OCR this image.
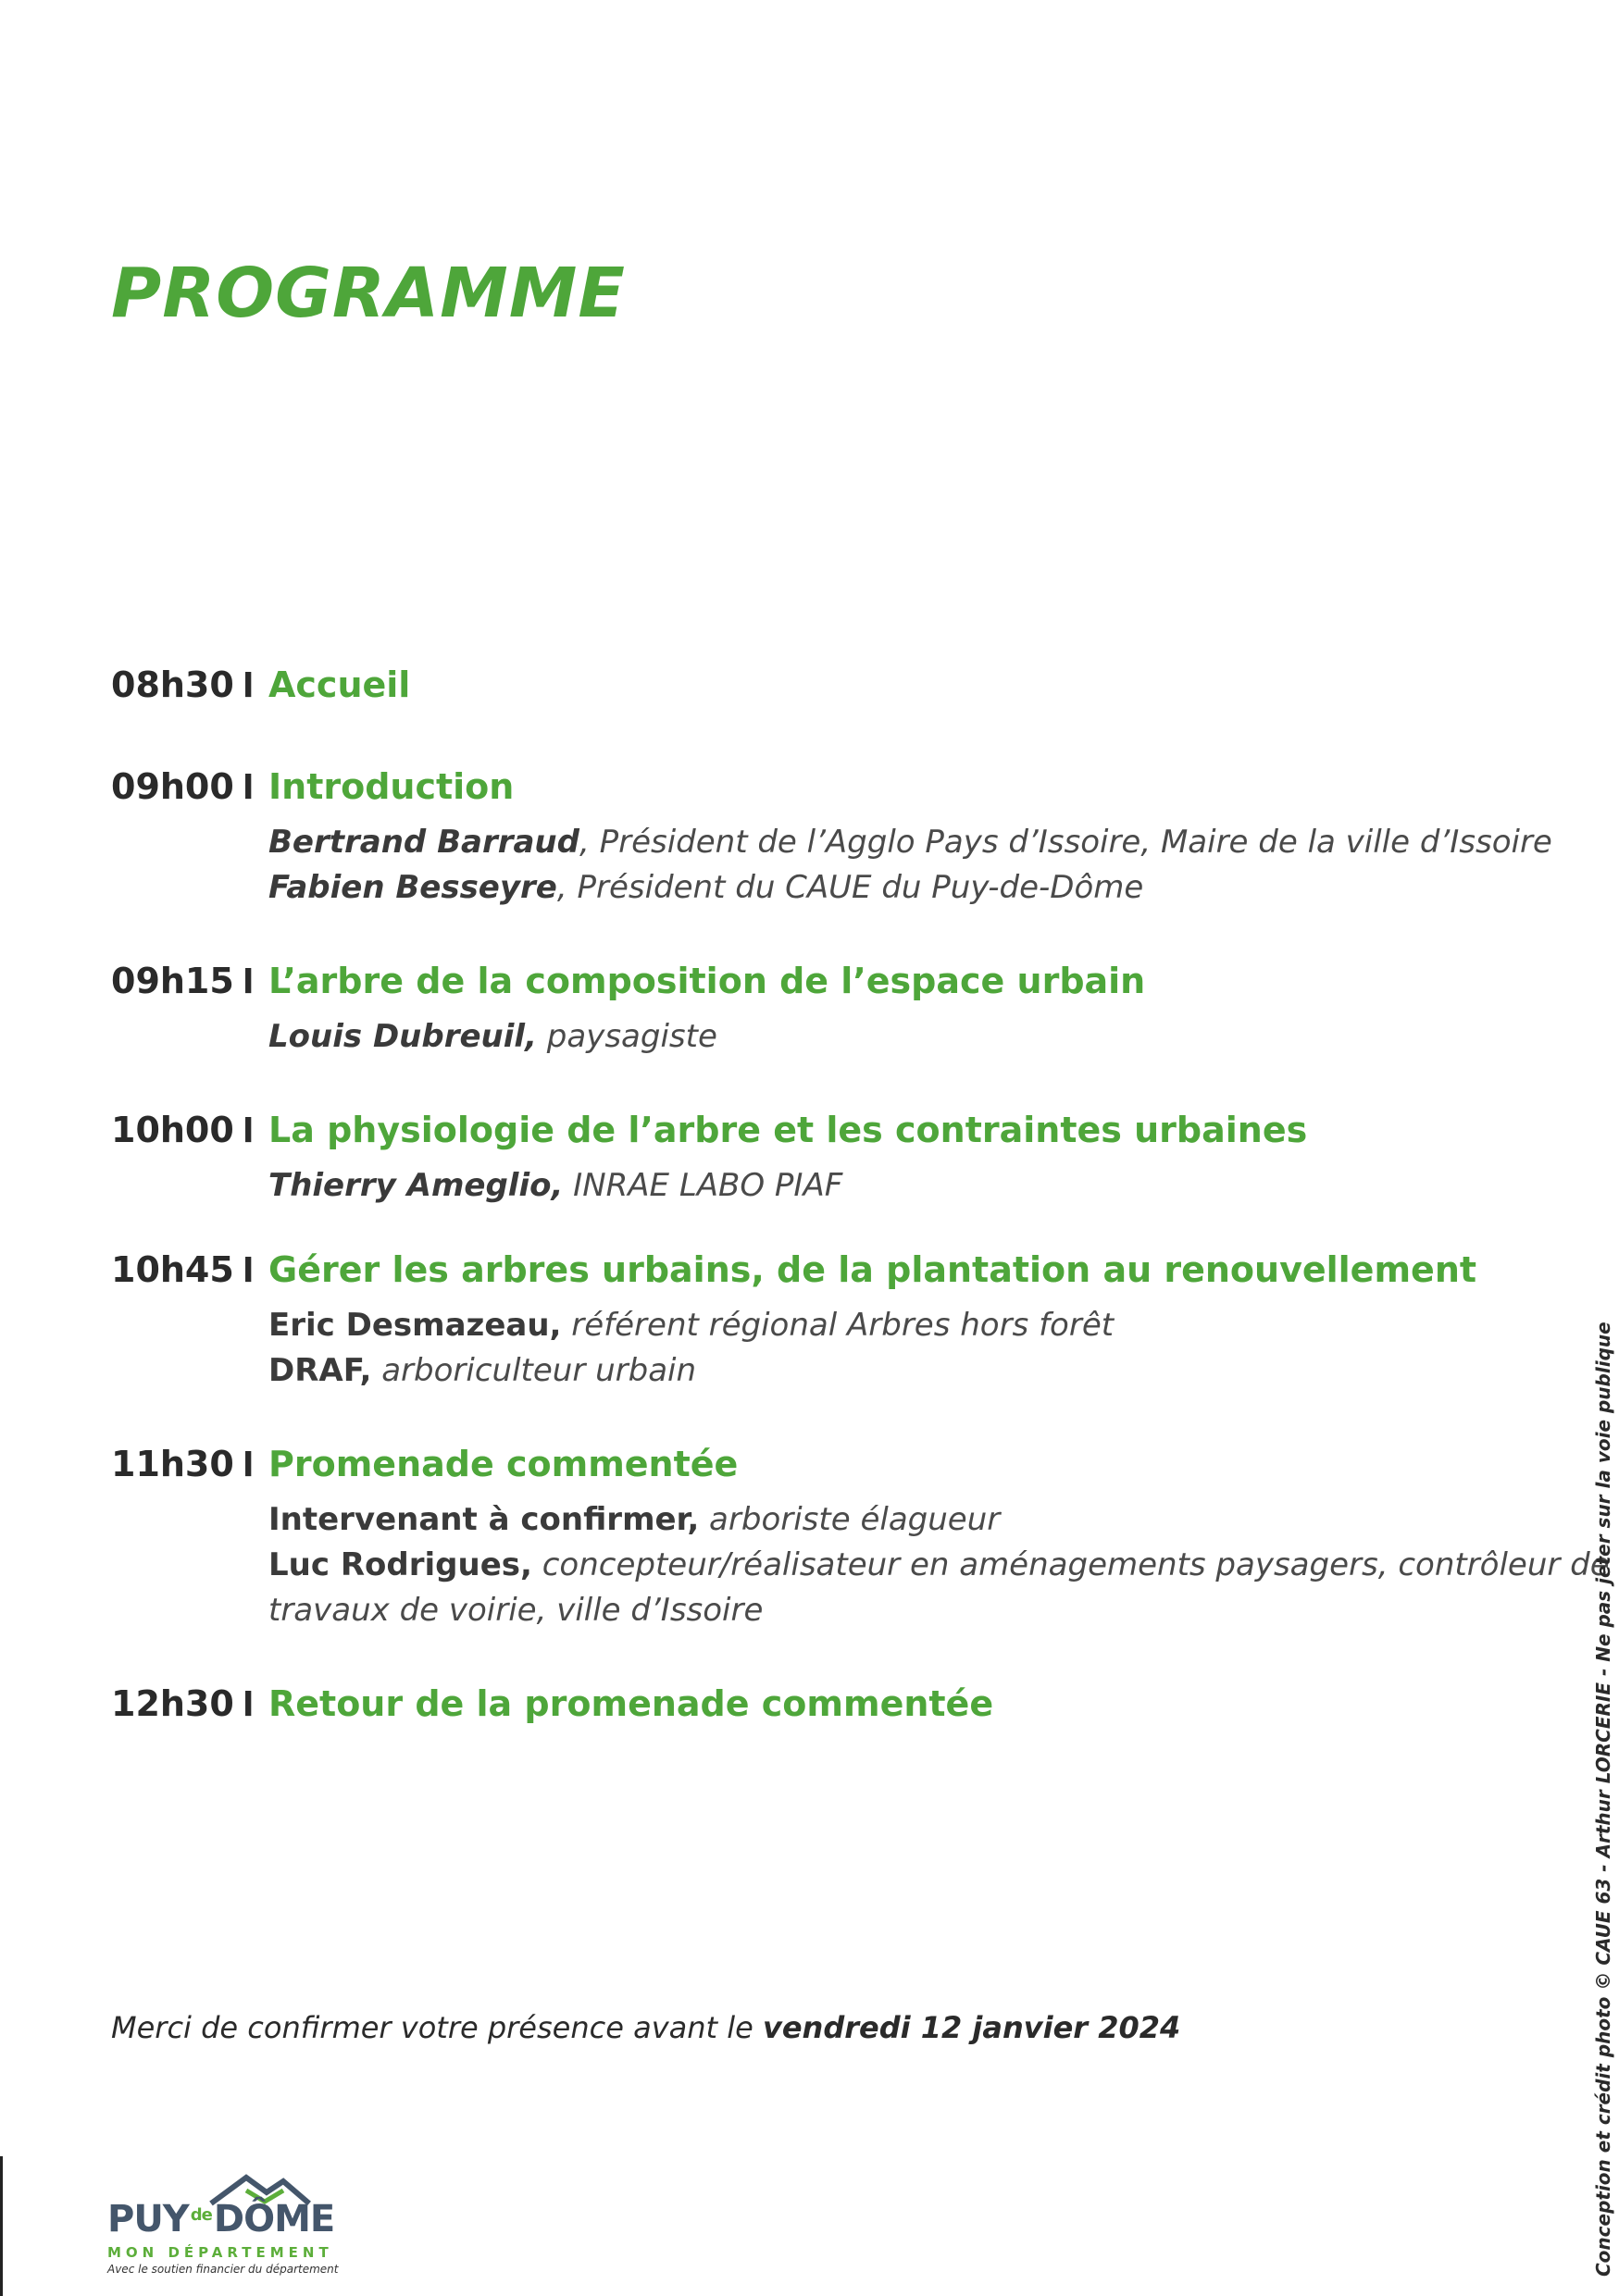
PROGRAMME
08h30 l Accueil
09h00 l Introduction
Bertrand Barraud, Président de l’Agglo Pays d’Issoire, Maire de la ville d’Issoire
Fabien Besseyre, Président du CAUE du Puy-de-Dôme
09h15 l L’arbre de la composition de l’espace urbain
Louis Dubreuil, paysagiste
10h00 l La physiologie de l’arbre et les contraintes urbaines
Thierry Ameglio, INRAE LABO PIAF
10h45 l Gérer les arbres urbains, de la plantation au renouvellement
Eric Desmazeau, référent régional Arbres hors forêt
DRAF, arboriculteur urbain
11h30 l Promenade commentée
Intervenant à confirmer, arboriste élagueur
Luc Rodrigues, concepteur/réalisateur en aménagements paysagers, contrôleur de travaux de voirie, ville d’Issoire
12h30 l Retour de la promenade commentée
Merci de confirmer votre présence avant le vendredi 12 janvier 2024	Conception et crédit photo © CAUE 63 - Arthur LORCERIE - Ne pas jeter sur la voie publique
PUY $^{de}$DÔME
MON DÉPARTEMENT
Avec le soutien financier du département
